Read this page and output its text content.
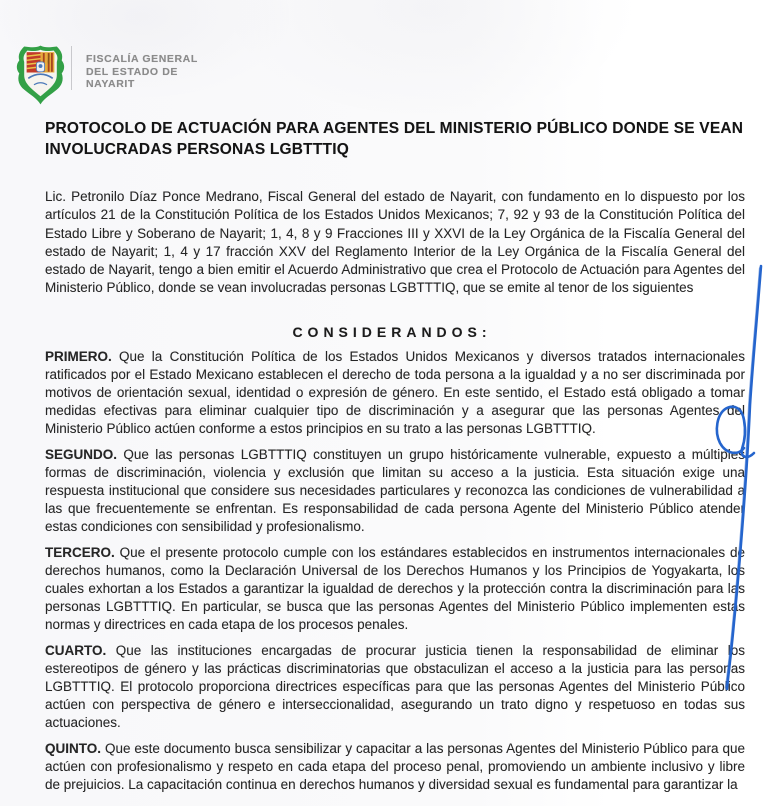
FISCALÍA GENERAL
DEL ESTADO DE
NAYARIT
PROTOCOLO DE ACTUACIÓN PARA AGENTES DEL MINISTERIO PÚBLICO DONDE SE VEAN INVOLUCRADAS PERSONAS LGBTTTIQ

Lic. Petronilo Díaz Ponce Medrano, Fiscal General del estado de Nayarit, con fundamento en lo dispuesto por los artículos 21 de la Constitución Política de los Estados Unidos Mexicanos; 7, 92 y 93 de la Constitución Política del Estado Libre y Soberano de Nayarit; 1, 4, 8 y 9 Fracciones III y XXVI de la Ley Orgánica de la Fiscalía General del estado de Nayarit; 1, 4 y 17 fracción XXV del Reglamento Interior de la Ley Orgánica de la Fiscalía General del estado de Nayarit, tengo a bien emitir el Acuerdo Administrativo que crea el Protocolo de Actuación para Agentes del Ministerio Público, donde se vean involucradas personas LGBTTTIQ, que se emite al tenor de los siguientes

CONSIDERANDOS:

PRIMERO. Que la Constitución Política de los Estados Unidos Mexicanos y diversos tratados internacionales ratificados por el Estado Mexicano establecen el derecho de toda persona a la igualdad y a no ser discriminada por motivos de orientación sexual, identidad o expresión de género. En este sentido, el Estado está obligado a tomar medidas efectivas para eliminar cualquier tipo de discriminación y a asegurar que las personas Agentes del Ministerio Público actúen conforme a estos principios en su trato a las personas LGBTTTIQ.

SEGUNDO. Que las personas LGBTTTIQ constituyen un grupo históricamente vulnerable, expuesto a múltiples formas de discriminación, violencia y exclusión que limitan su acceso a la justicia. Esta situación exige una respuesta institucional que considere sus necesidades particulares y reconozca las condiciones de vulnerabilidad a las que frecuentemente se enfrentan. Es responsabilidad de cada persona Agente del Ministerio Público atender estas condiciones con sensibilidad y profesionalismo.

TERCERO. Que el presente protocolo cumple con los estándares establecidos en instrumentos internacionales de derechos humanos, como la Declaración Universal de los Derechos Humanos y los Principios de Yogyakarta, los cuales exhortan a los Estados a garantizar la igualdad de derechos y la protección contra la discriminación para las personas LGBTTTIQ. En particular, se busca que las personas Agentes del Ministerio Público implementen estas normas y directrices en cada etapa de los procesos penales.

CUARTO. Que las instituciones encargadas de procurar justicia tienen la responsabilidad de eliminar los estereotipos de género y las prácticas discriminatorias que obstaculizan el acceso a la justicia para las personas LGBTTTIQ. El protocolo proporciona directrices específicas para que las personas Agentes del Ministerio Público actúen con perspectiva de género e interseccionalidad, asegurando un trato digno y respetuoso en todas sus actuaciones.

QUINTO. Que este documento busca sensibilizar y capacitar a las personas Agentes del Ministerio Público para que actúen con profesionalismo y respeto en cada etapa del proceso penal, promoviendo un ambiente inclusivo y libre de prejuicios. La capacitación continua en derechos humanos y diversidad sexual es fundamental para garantizar la
